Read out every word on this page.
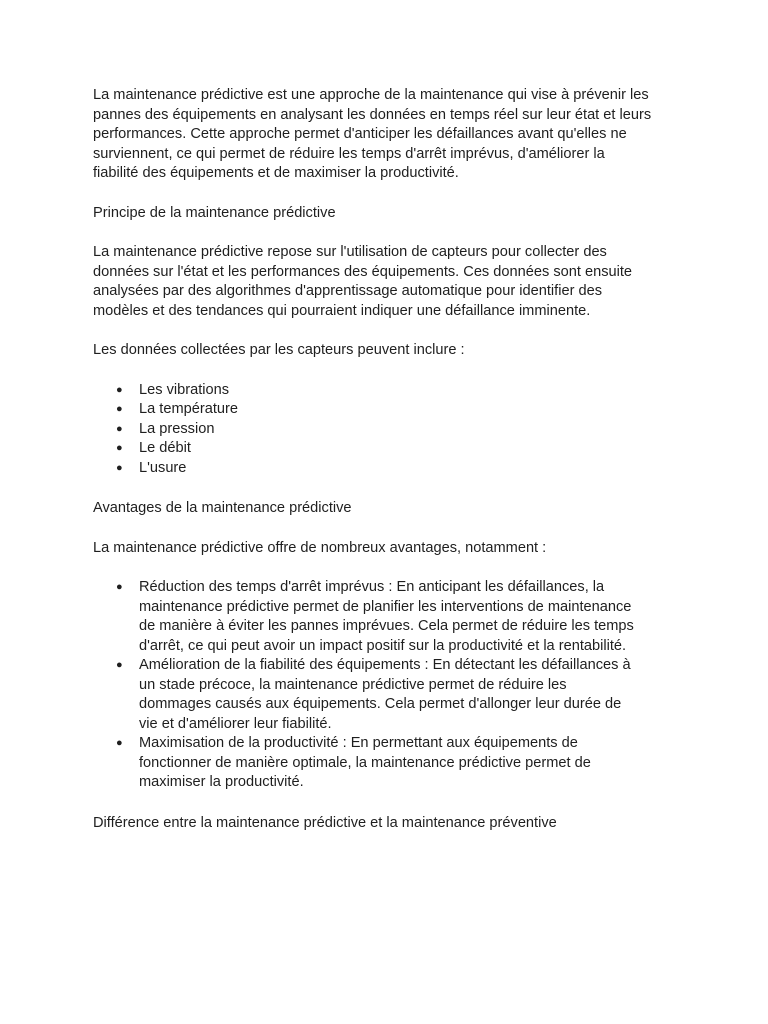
La maintenance prédictive est une approche de la maintenance qui vise à prévenir les pannes des équipements en analysant les données en temps réel sur leur état et leurs performances. Cette approche permet d'anticiper les défaillances avant qu'elles ne surviennent, ce qui permet de réduire les temps d'arrêt imprévus, d'améliorer la fiabilité des équipements et de maximiser la productivité.

Principe de la maintenance prédictive

La maintenance prédictive repose sur l'utilisation de capteurs pour collecter des données sur l'état et les performances des équipements. Ces données sont ensuite analysées par des algorithmes d'apprentissage automatique pour identifier des modèles et des tendances qui pourraient indiquer une défaillance imminente.

Les données collectées par les capteurs peuvent inclure :

● Les vibrations
● La température
● La pression
● Le débit
● L'usure

Avantages de la maintenance prédictive

La maintenance prédictive offre de nombreux avantages, notamment :

● Réduction des temps d'arrêt imprévus : En anticipant les défaillances, la maintenance prédictive permet de planifier les interventions de maintenance de manière à éviter les pannes imprévues. Cela permet de réduire les temps d'arrêt, ce qui peut avoir un impact positif sur la productivité et la rentabilité.
● Amélioration de la fiabilité des équipements : En détectant les défaillances à un stade précoce, la maintenance prédictive permet de réduire les dommages causés aux équipements. Cela permet d'allonger leur durée de vie et d'améliorer leur fiabilité.
● Maximisation de la productivité : En permettant aux équipements de fonctionner de manière optimale, la maintenance prédictive permet de maximiser la productivité.

Différence entre la maintenance prédictive et la maintenance préventive
